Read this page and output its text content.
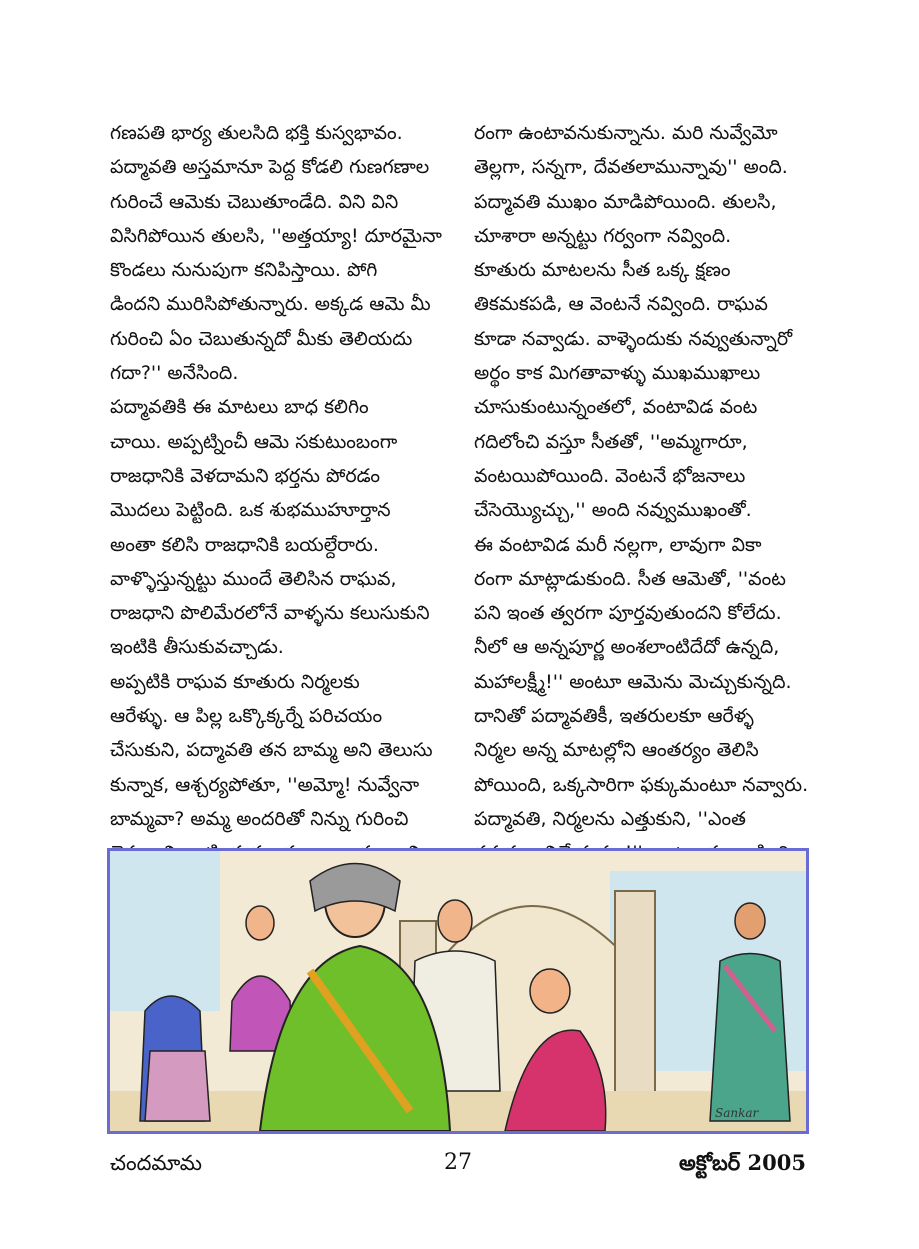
గణపతి భార్య తులసిది భక్తి కుస్వభావం.
పద్మావతి అస్తమానూ పెద్ద కోడలి గుణగణాల
గురించే ఆమెకు చెబుతూండేది. విని విని
విసిగిపోయిన తులసి, ''అత్తయ్యా! దూరమైనా
కొండలు నునుపుగా కనిపిస్తాయి. పోగి
డిందని మురిసిపోతున్నారు. అక్కడ ఆమె మీ
గురించి ఏం చెబుతున్నదో మీకు తెలియదు
గదా?'' అనేసింది.
పద్మావతికి ఈ మాటలు బాధ కలిగిం
చాయి. అప్పట్నించీ ఆమె సకుటుంబంగా
రాజధానికి వెళదామని భర్తను పోరడం
మొదలు పెట్టింది. ఒక శుభముహూర్తాన
అంతా కలిసి రాజధానికి బయల్దేరారు.
వాళ్ళొస్తున్నట్టు ముందే తెలిసిన రాఘవ,
రాజధాని పొలిమేరలోనే వాళ్ళను కలుసుకుని
ఇంటికి తీసుకువచ్చాడు.
అప్పటికి రాఘవ కూతురు నిర్మలకు
ఆరేళ్ళు. ఆ పిల్ల ఒక్కొక్కర్నే పరిచయం
చేసుకుని, పద్మావతి తన బామ్మ అని తెలుసు
కున్నాక, ఆశ్చర్యపోతూ, ''అమ్మో! నువ్వేనా
బామ్మవా? అమ్మ అందరితో నిన్ను గురించి
రంగా ఉంటావనుకున్నాను. మరి నువ్వేమో
తెల్లగా, సన్నగా, దేవతలామున్నావు'' అంది.
పద్మావతి ముఖం మాడిపోయింది. తులసి,
చూశారా అన్నట్టు గర్వంగా నవ్వింది.
కూతురు మాటలను సీత ఒక్క క్షణం
తికమకపడి, ఆ వెంటనే నవ్వింది. రాఘవ
కూడా నవ్వాడు. వాళ్ళెందుకు నవ్వుతున్నారో
అర్థం కాక మిగతావాళ్ళు ముఖముఖాలు
చూసుకుంటున్నంతలో, వంటావిడ వంట
గదిలోంచి వస్తూ సీతతో, ''అమ్మగారూ,
వంటయిపోయింది. వెంటనే భోజనాలు
చేసెయ్యొచ్చు,'' అంది నవ్వుముఖంతో.
ఈ వంటావిడ మరీ నల్లగా, లావుగా వికా
రంగా మాట్లాడుకుంది. సీత ఆమెతో, ''వంట
పని ఇంత త్వరగా పూర్తవుతుందని కోలేదు.
నీలో ఆ అన్నపూర్ణ అంశలాంటిదేదో ఉన్నది,
మహాలక్ష్మీ!'' అంటూ ఆమెను మెచ్చుకున్నది.
దానితో పద్మావతికీ, ఇతరులకూ ఆరేళ్ళ
నిర్మల అన్న మాటల్లోని ఆంతర్యం తెలిసి
పోయింది, ఒక్కసారిగా ఫక్కుమంటూ నవ్వారు.
పద్మావతి, నిర్మలను ఎత్తుకుని, ''ఎంత
Sankar
చందమామ	27	అక్టోబర్ 2005
